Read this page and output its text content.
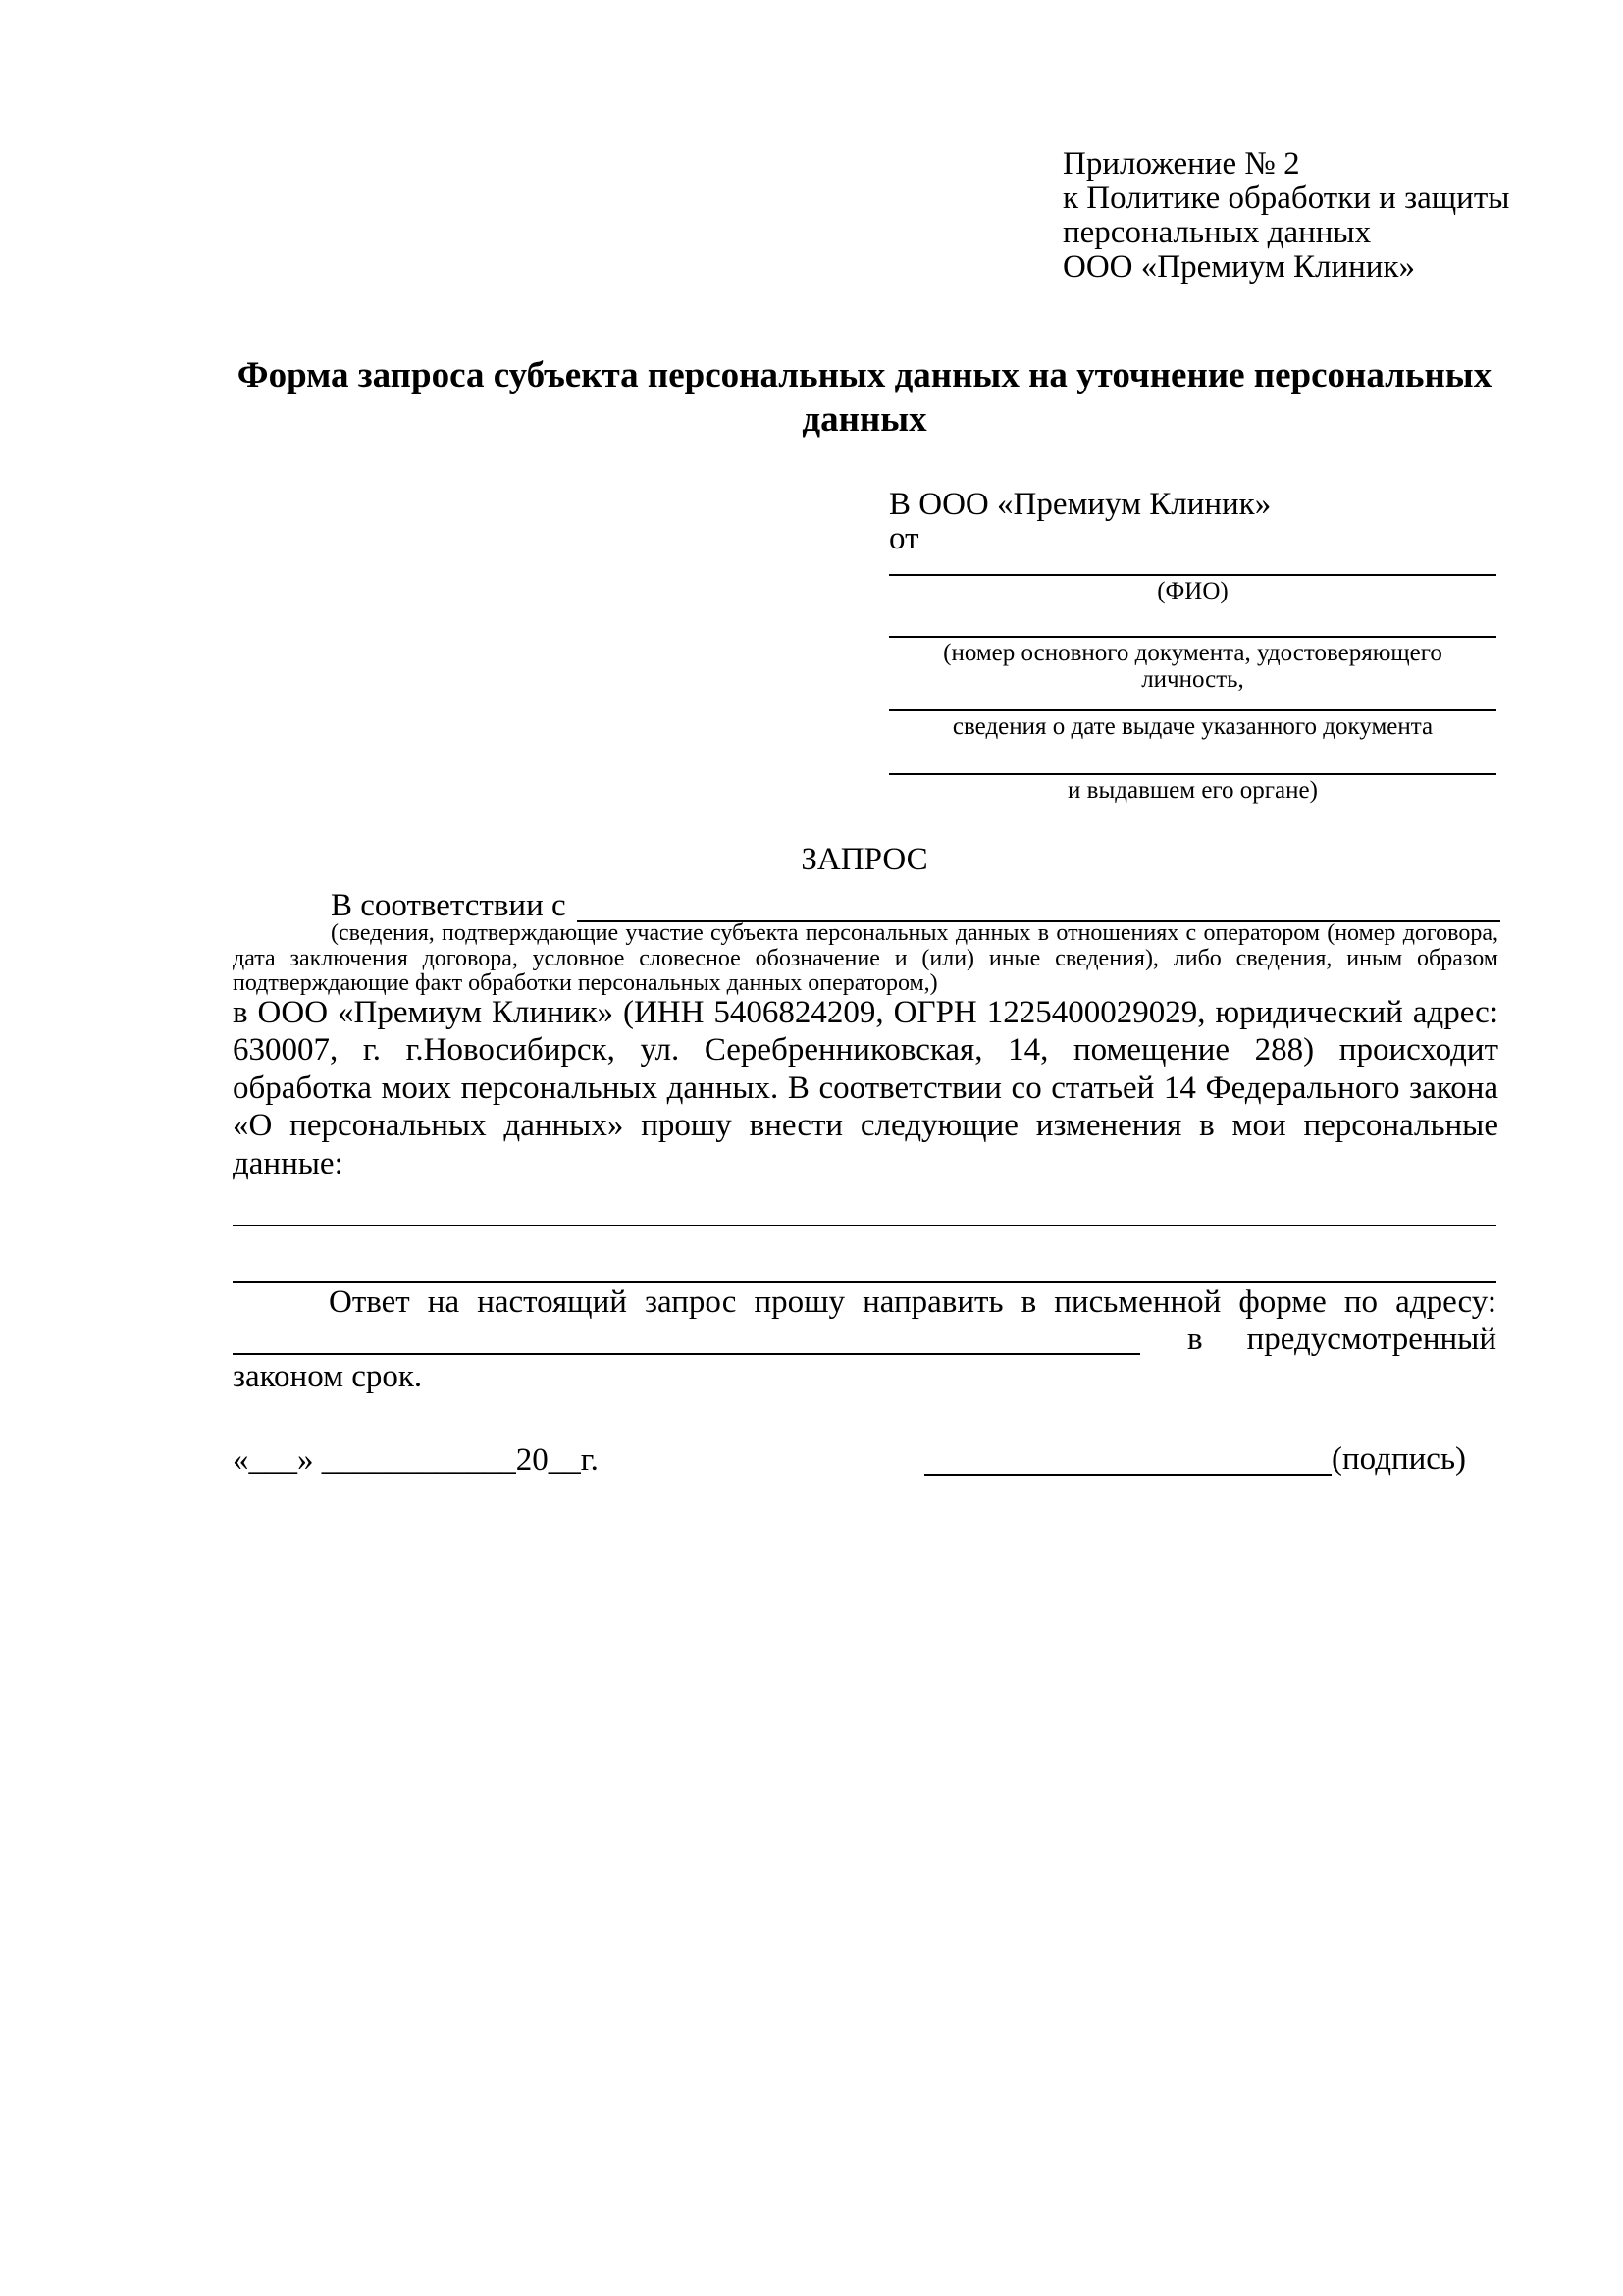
Приложение № 2
к Политике обработки и защиты
персональных данных
ООО «Премиум Клиник»
Форма запроса субъекта персональных данных на уточнение персональных данных
В ООО «Премиум Клиник»
от
(ФИО)
(номер основного документа, удостоверяющего личность,
сведения о дате выдаче указанного документа
и выдавшем его органе)
ЗАПРОС
В соответствии с
(сведения, подтверждающие участие субъекта персональных данных в отношениях с оператором (номер договора, дата заключения договора, условное словесное обозначение и (или) иные сведения), либо сведения, иным образом подтверждающие факт обработки персональных данных оператором,)
в ООО «Премиум Клиник» (ИНН 5406824209, ОГРН 1225400029029, юридический адрес: 630007, г. г.Новосибирск, ул. Серебренниковская, 14, помещение 288) происходит обработка моих персональных данных. В соответствии со статьей 14 Федерального закона «О персональных данных» прошу внести следующие изменения в мои персональные данные:
Ответ на настоящий запрос прошу направить в письменной форме по адресу:
в предусмотренный
законом срок.
«___» ____________20__г.	(подпись)
